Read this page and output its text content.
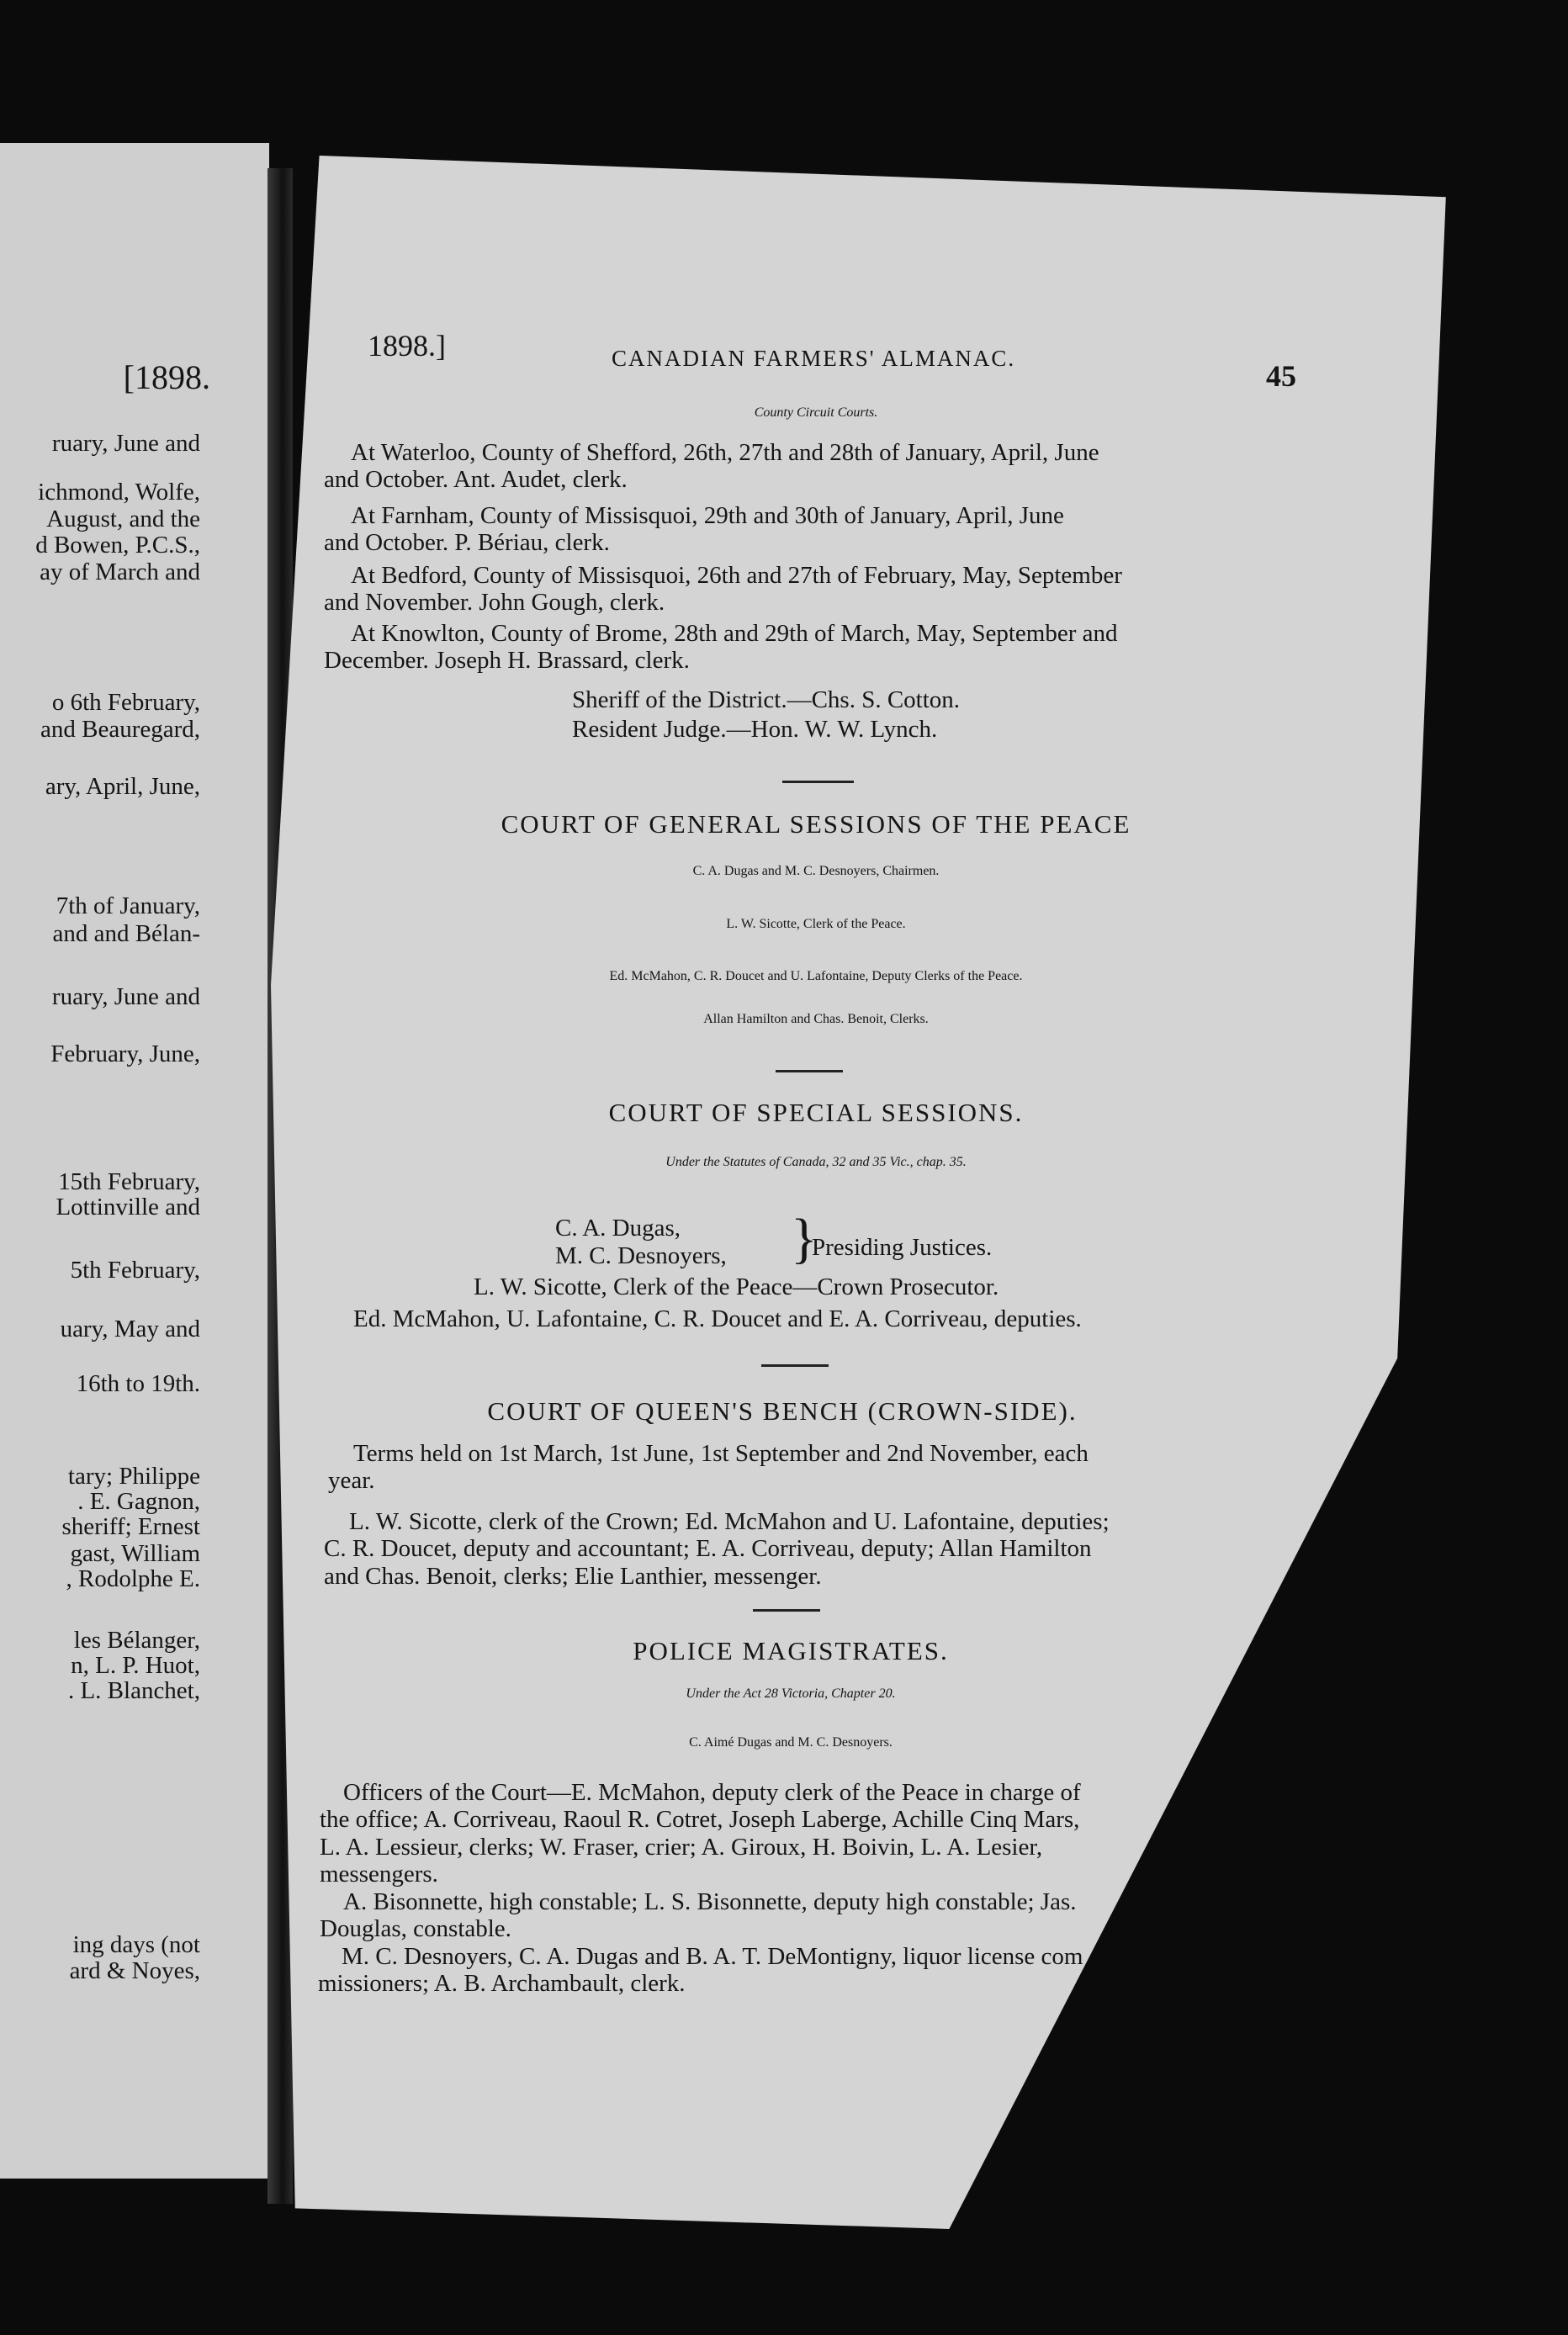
[1898.
ruary, June and
ichmond, Wolfe,
August, and the
d Bowen, P.C.S.,
ay of March and
o 6th February,
and Beauregard,
ary, April, June,
7th of January,
and and Bélan-
ruary, June and
February, June,
15th February,
Lottinville and
5th February,
uary, May and
16th to 19th.
tary; Philippe
. E. Gagnon,
sheriff; Ernest
gast, William
, Rodolphe E.
les Bélanger,
n, L. P. Huot,
. L. Blanchet,
ing days (not
ard & Noyes,
1898.]	CANADIAN FARMERS' ALMANAC.
45
County Circuit Courts.
At Waterloo, County of Shefford, 26th, 27th and 28th of January, April, June
and October. Ant. Audet, clerk.
At Farnham, County of Missisquoi, 29th and 30th of January, April, June
and October. P. Bériau, clerk.
At Bedford, County of Missisquoi, 26th and 27th of February, May, September
and November. John Gough, clerk.
At Knowlton, County of Brome, 28th and 29th of March, May, September and
December. Joseph H. Brassard, clerk.
Sheriff of the District.—Chs. S. Cotton.
Resident Judge.—Hon. W. W. Lynch.
COURT OF GENERAL SESSIONS OF THE PEACE
C. A. Dugas and M. C. Desnoyers, Chairmen.
L. W. Sicotte, Clerk of the Peace.
Ed. McMahon, C. R. Doucet and U. Lafontaine, Deputy Clerks of the Peace.
Allan Hamilton and Chas. Benoit, Clerks.
COURT OF SPECIAL SESSIONS.
Under the Statutes of Canada, 32 and 35 Vic., chap. 35.
C. A. Dugas,
M. C. Desnoyers, }
Presiding Justices.
L. W. Sicotte, Clerk of the Peace—Crown Prosecutor.
Ed. McMahon, U. Lafontaine, C. R. Doucet and E. A. Corriveau, deputies.
COURT OF QUEEN'S BENCH (CROWN-SIDE).
Terms held on 1st March, 1st June, 1st September and 2nd November, each
year.
L. W. Sicotte, clerk of the Crown; Ed. McMahon and U. Lafontaine, deputies;
C. R. Doucet, deputy and accountant; E. A. Corriveau, deputy; Allan Hamilton
and Chas. Benoit, clerks; Elie Lanthier, messenger.
POLICE MAGISTRATES.
Under the Act 28 Victoria, Chapter 20.
C. Aimé Dugas and M. C. Desnoyers.
Officers of the Court—E. McMahon, deputy clerk of the Peace in charge of
the office; A. Corriveau, Raoul R. Cotret, Joseph Laberge, Achille Cinq Mars,
L. A. Lessieur, clerks; W. Fraser, crier; A. Giroux, H. Boivin, L. A. Lesier,
messengers.
A. Bisonnette, high constable; L. S. Bisonnette, deputy high constable; Jas.
Douglas, constable.
M. C. Desnoyers, C. A. Dugas and B. A. T. DeMontigny, liquor license com
missioners; A. B. Archambault, clerk.
